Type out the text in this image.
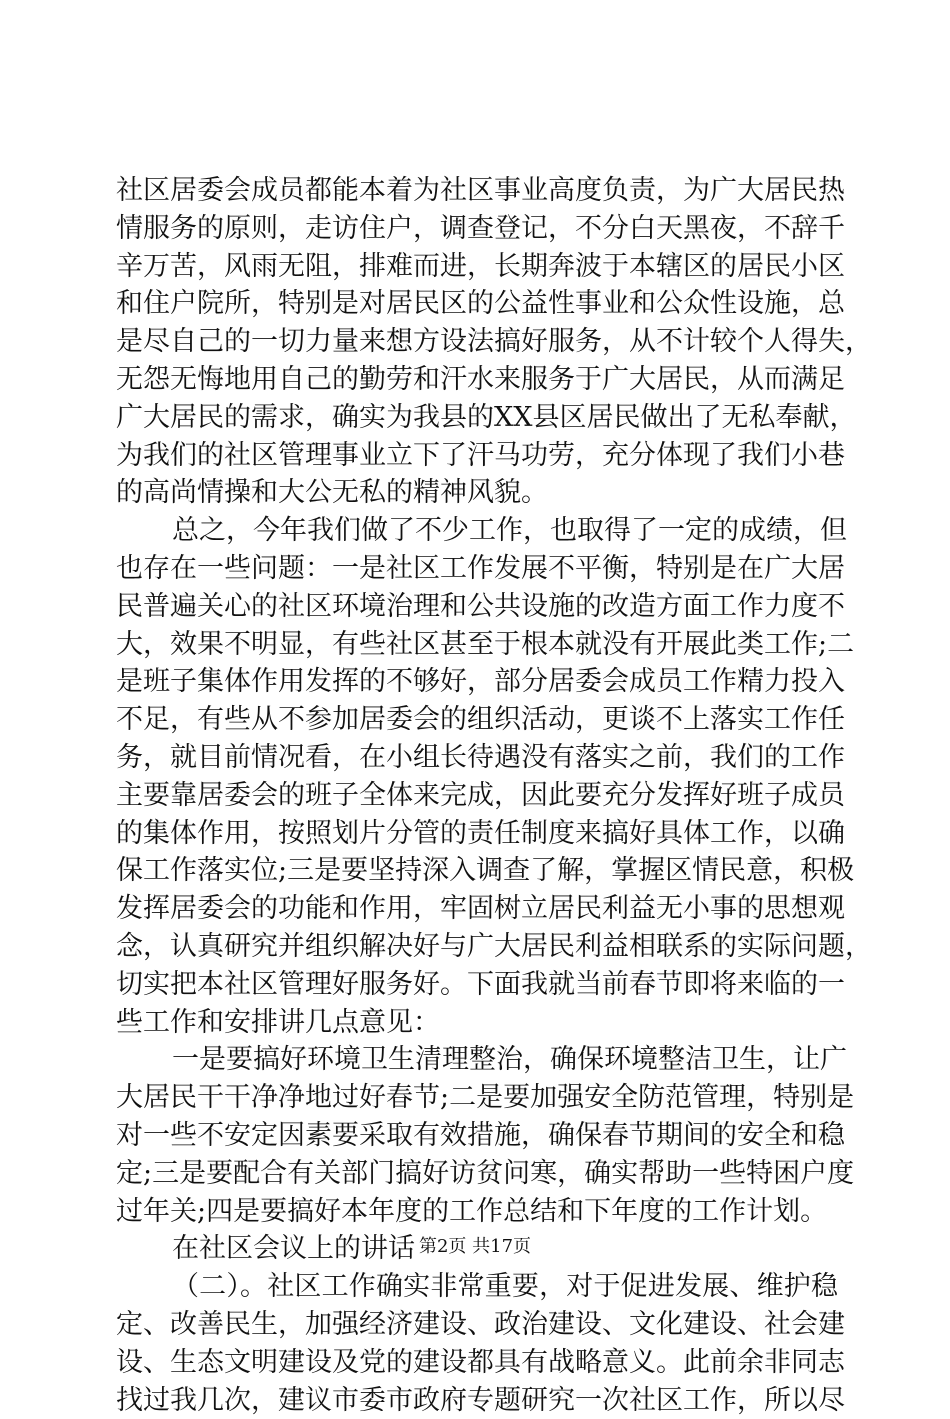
社区居委会成员都能本着为社区事业高度负责，为广大居民热
情服务的原则，走访住户，调查登记，不分白天黑夜，不辞千
辛万苦，风雨无阻，排难而进，长期奔波于本辖区的居民小区
和住户院所，特别是对居民区的公益性事业和公众性设施，总
是尽自己的一切力量来想方设法搞好服务，从不计较个人得失，
无怨无悔地用自己的勤劳和汗水来服务于广大居民，从而满足
广大居民的需求，确实为我县的XX县区居民做出了无私奉献，
为我们的社区管理事业立下了汗马功劳，充分体现了我们小巷
的高尚情操和大公无私的精神风貌。
总之，今年我们做了不少工作，也取得了一定的成绩，但
也存在一些问题：一是社区工作发展不平衡，特别是在广大居
民普遍关心的社区环境治理和公共设施的改造方面工作力度不
大，效果不明显，有些社区甚至于根本就没有开展此类工作;二
是班子集体作用发挥的不够好，部分居委会成员工作精力投入
不足，有些从不参加居委会的组织活动，更谈不上落实工作任
务，就目前情况看，在小组长待遇没有落实之前，我们的工作
主要靠居委会的班子全体来完成，因此要充分发挥好班子成员
的集体作用，按照划片分管的责任制度来搞好具体工作，以确
保工作落实位;三是要坚持深入调查了解，掌握区情民意，积极
发挥居委会的功能和作用，牢固树立居民利益无小事的思想观
念，认真研究并组织解决好与广大居民利益相联系的实际问题，
切实把本社区管理好服务好。下面我就当前春节即将来临的一
些工作和安排讲几点意见：
一是要搞好环境卫生清理整治，确保环境整洁卫生，让广
大居民干干净净地过好春节;二是要加强安全防范管理，特别是
对一些不安定因素要采取有效措施，确保春节期间的安全和稳
定;三是要配合有关部门搞好访贫问寒，确实帮助一些特困户度
过年关;四是要搞好本年度的工作总结和下年度的工作计划。
在社区会议上的讲话
（二）。社区工作确实非常重要，对于促进发展、维护稳
定、改善民生，加强经济建设、政治建设、文化建设、社会建
设、生态文明建设及党的建设都具有战略意义。此前余非同志
找过我几次，建议市委市政府专题研究一次社区工作，所以尽
第2页 共17页
